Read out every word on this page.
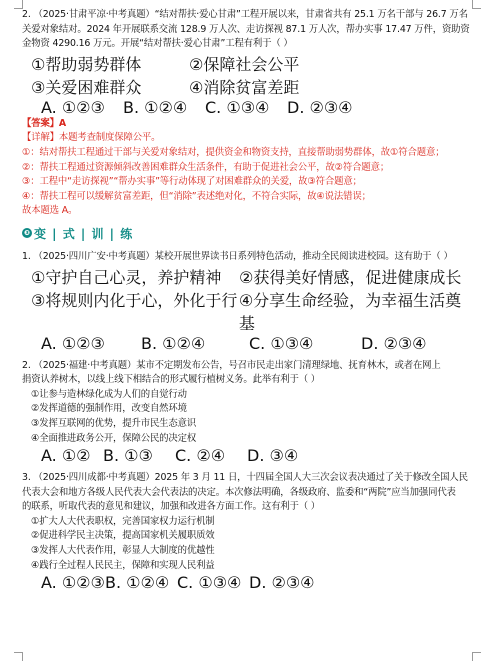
2. （2025·甘肃平凉·中考真题）“结对帮扶·爱心甘肃”工程开展以来，甘肃省共有 25.1 万名干部与 26.7 万名

关爱对象结对。2024 年开展联系交流 128.9 万人次、走访探视 87.1 万人次，帮办实事 17.47 万件，资助资

金物资 4290.16 万元。开展“结对帮扶·爱心甘肃”工程有利于（ ）

①帮助弱势群体	②保障社会公平
③关爱困难群众	④消除贫富差距
A. ①②③	B. ①②④	C. ①③④	D. ②③④

【答案】A

【详解】本题考查制度保障公平。

①：结对帮扶工程通过干部与关爱对象结对，提供资金和物资支持，直接帮助弱势群体，故①符合题意；

②：帮扶工程通过资源倾斜改善困难群众生活条件，有助于促进社会公平，故②符合题意；

③：工程中“走访探视”“帮办实事”等行动体现了对困难群众的关爱，故③符合题意；

④：帮扶工程可以缓解贫富差距，但“消除”表述绝对化，不符合实际，故④说法错误；

故本题选 A。

❸ 变 | 式 | 训 | 练

1. （2025·四川广安·中考真题）某校开展世界读书日系列特色活动，推动全民阅读进校园。这有助于（ ）

①守护自己心灵，养护精神	②获得美好情感，促进健康成长
③将规则内化于心，外化于行 ④分享生命经验，为幸福生活奠基
A. ①②③	B. ①②④	C. ①③④	D. ②③④

2. （2025·福建·中考真题）某市不定期发布公告，号召市民走出家门清理绿地、抚育林木，或者在网上

捐资认养树木，以线上线下相结合的形式履行植树义务。此举有利于（ ）

①让参与造林绿化成为人们的自觉行动

②发挥道德的强制作用，改变自然环境

③发挥互联网的优势，提升市民生态意识

④全面推进政务公开，保障公民的决定权

A. ①② B. ①③	C. ②④	D. ③④

3. （2025·四川成都·中考真题）2025 年 3 月 11 日，十四届全国人大三次会议表决通过了关于修改全国人民

代表大会和地方各级人民代表大会代表法的决定。本次修法明确，各级政府、监委和“两院”应当加强同代表

的联系，听取代表的意见和建议，加强和改进各方面工作。这有利于（ ）

①扩大人大代表职权，完善国家权力运行机制

②促进科学民主决策，提高国家机关履职质效

③发挥人大代表作用，彰显人大制度的优越性

④践行全过程人民民主，保障和实现人民利益

A. ①②③ B. ①②④ C. ①③④ D. ②③④
